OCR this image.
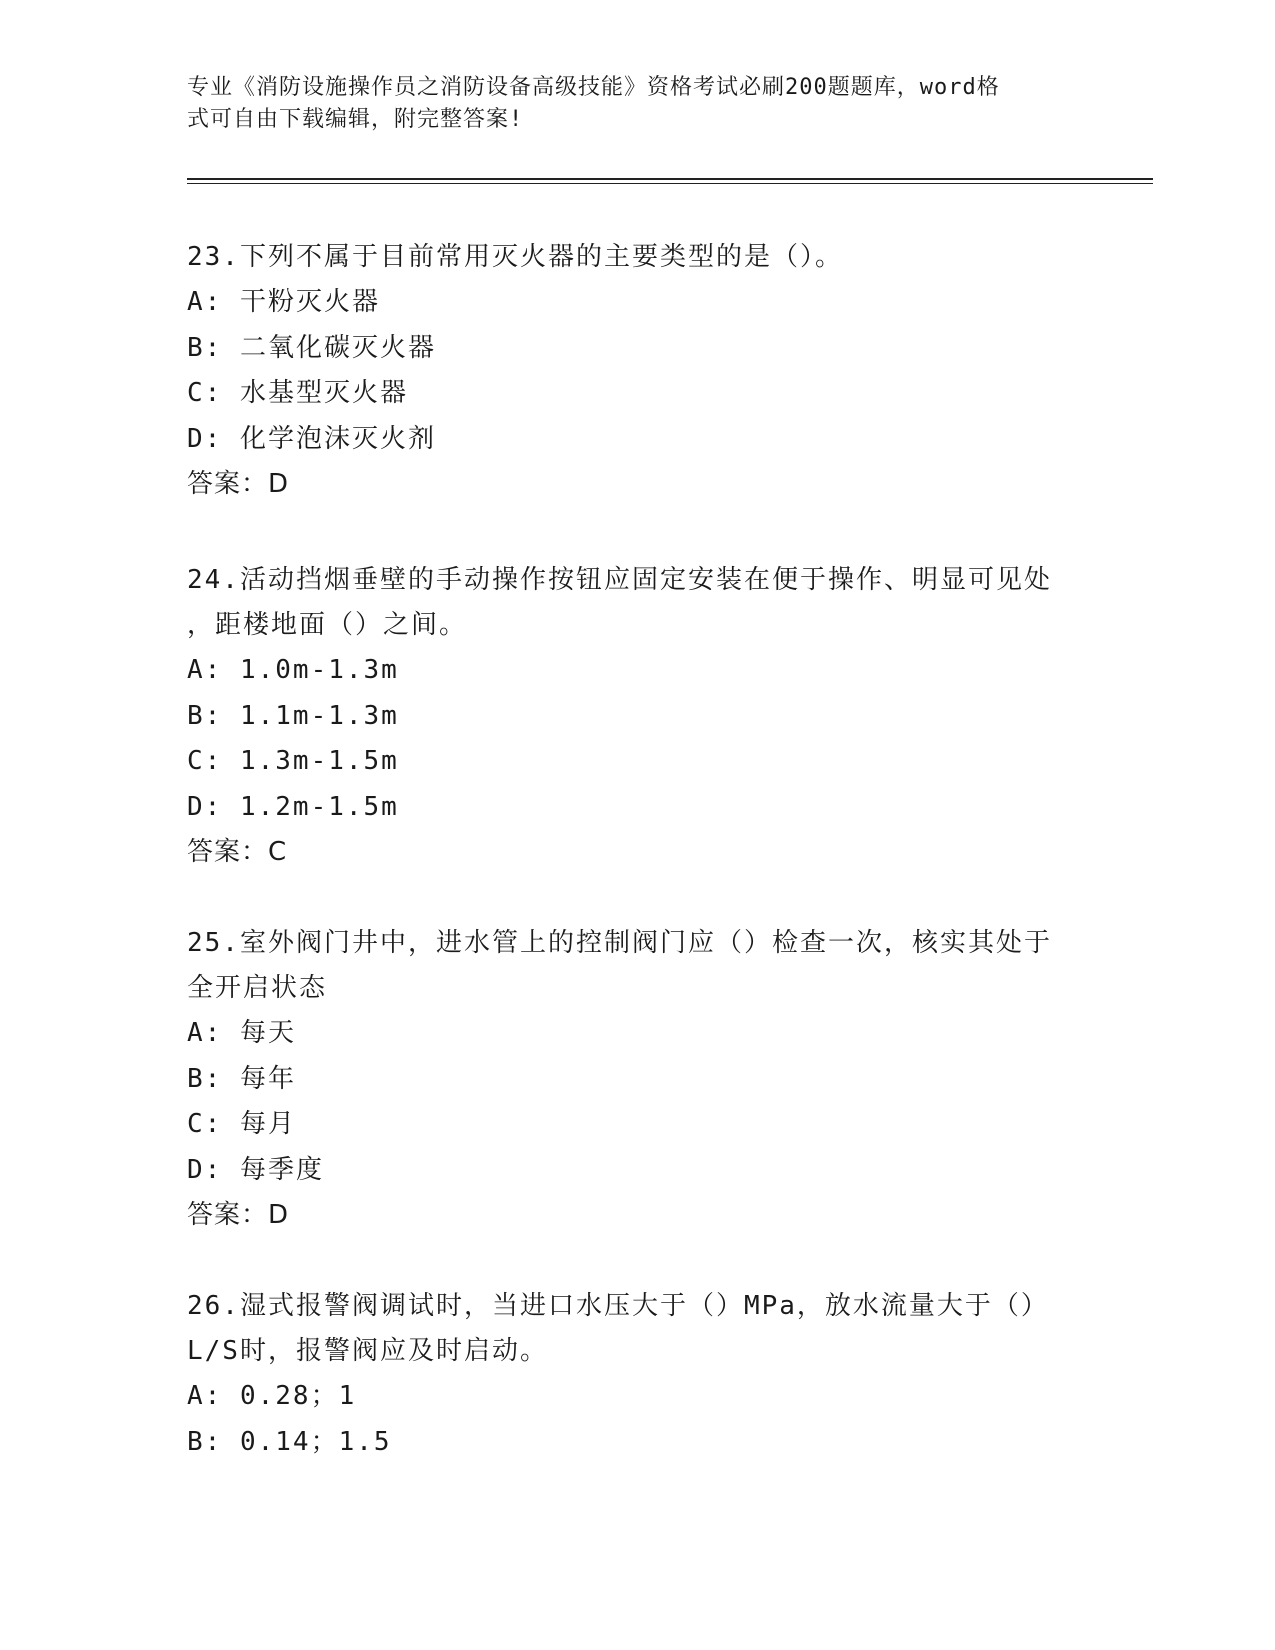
专业《消防设施操作员之消防设备高级技能》资格考试必刷200题题库，word格
式可自由下载编辑，附完整答案!

23.下列不属于目前常用灭火器的主要类型的是（）。

A: 干粉灭火器
B: 二氧化碳灭火器
C: 水基型灭火器
D: 化学泡沫灭火剂

答案：D

24.活动挡烟垂壁的手动操作按钮应固定安装在便于操作、明显可见处
，距楼地面（）之间。

A: 1.0m-1.3m
B: 1.1m-1.3m
C: 1.3m-1.5m
D: 1.2m-1.5m

答案：C

25.室外阀门井中，进水管上的控制阀门应（）检查一次，核实其处于
全开启状态

A: 每天
B: 每年
C: 每月
D: 每季度

答案：D

26.湿式报警阀调试时，当进口水压大于（）MPa，放水流量大于（）
L/S时，报警阀应及时启动。

A: 0.28；1
B: 0.14；1.5
